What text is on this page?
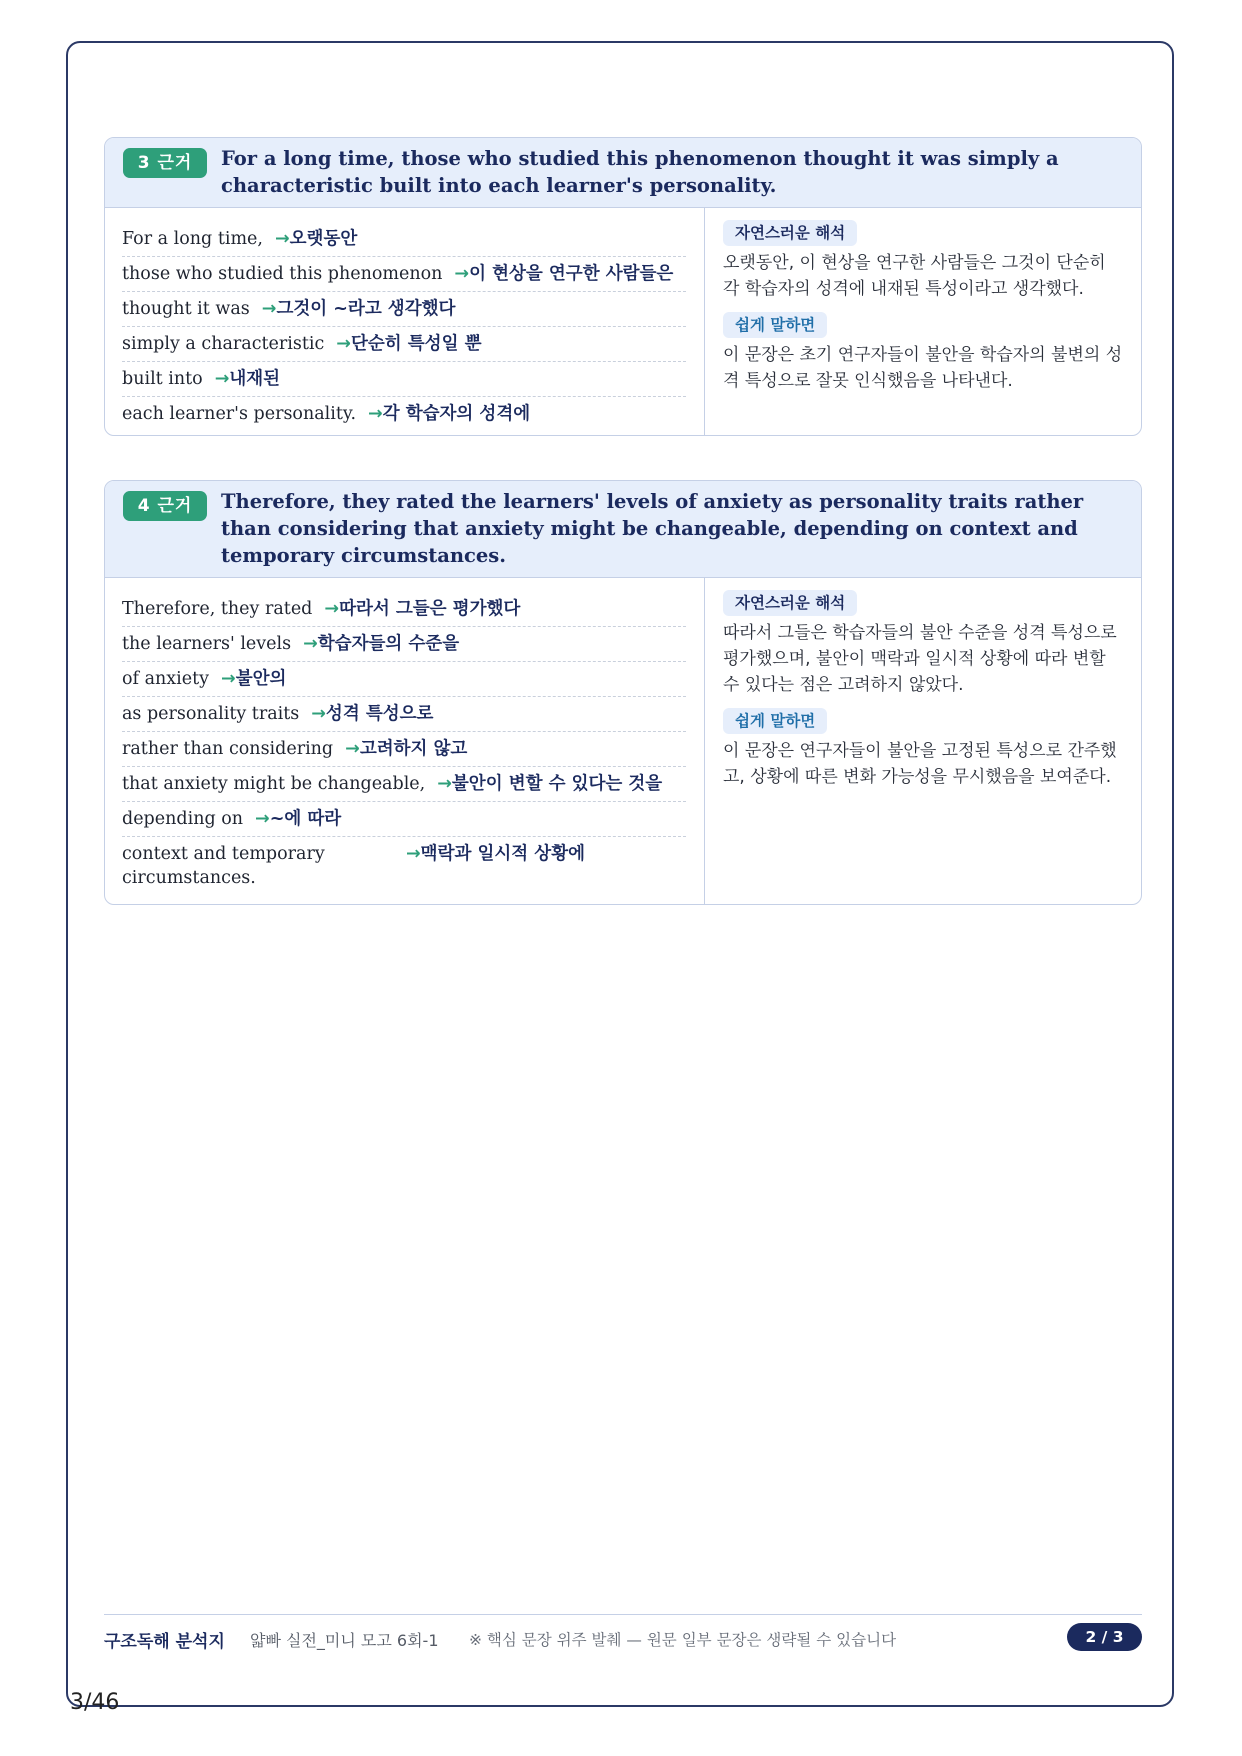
3 근거	For a long time, those who studied this phenomenon thought it was simply a characteristic built into each learner's personality.
For a long time, →오랫동안
those who studied this phenomenon →이 현상을 연구한 사람들은
thought it was →그것이 ~라고 생각했다
simply a characteristic →단순히 특성일 뿐
built into →내재된
each learner's personality. →각 학습자의 성격에
자연스러운 해석
오랫동안, 이 현상을 연구한 사람들은 그것이 단순히 각 학습자의 성격에 내재된 특성이라고 생각했다.
쉽게 말하면
이 문장은 초기 연구자들이 불안을 학습자의 불변의 성격 특성으로 잘못 인식했음을 나타낸다.
4 근거	Therefore, they rated the learners' levels of anxiety as personality traits rather than considering that anxiety might be changeable, depending on context and temporary circumstances.
Therefore, they rated →따라서 그들은 평가했다
the learners' levels →학습자들의 수준을
of anxiety →불안의
as personality traits →성격 특성으로
rather than considering →고려하지 않고
that anxiety might be changeable, →불안이 변할 수 있다는 것을
depending on →~에 따라
context and temporary circumstances.
→맥락과 일시적 상황에
자연스러운 해석
따라서 그들은 학습자들의 불안 수준을 성격 특성으로 평가했으며, 불안이 맥락과 일시적 상황에 따라 변할 수 있다는 점은 고려하지 않았다.
쉽게 말하면
이 문장은 연구자들이 불안을 고정된 특성으로 간주했고, 상황에 따른 변화 가능성을 무시했음을 보여준다.
구조독해 분석지 얇빠 실전_미니 모고 6회-1 ※ 핵심 문장 위주 발췌 — 원문 일부 문장은 생략될 수 있습니다	2 / 3
3/46
